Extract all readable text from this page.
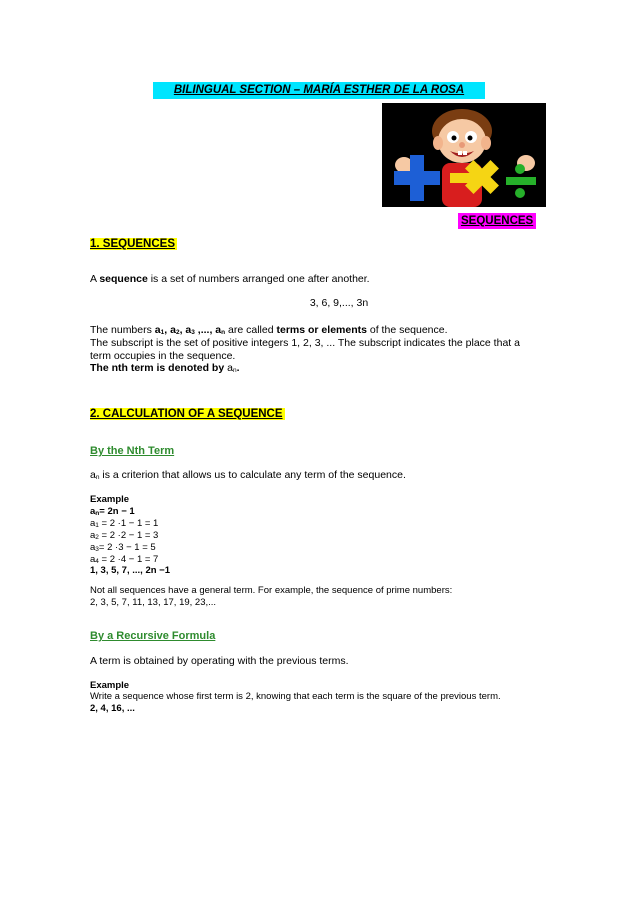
BILINGUAL SECTION – MARÍA ESTHER DE LA ROSA
SEQUENCES
1. SEQUENCES
A sequence is a set of numbers arranged one after another.
3, 6, 9,..., 3n
The numbers $a_1$, $a_2$, $a_3$ ,..., $a_n$ are called terms or elements of the sequence.
The subscript is the set of positive integers 1, 2, 3, ... The subscript indicates the place that a
term occupies in the sequence.
The nth term is denoted by $a_n$.
2. CALCULATION OF A SEQUENCE
By the Nth Term
$a_n$ is a criterion that allows us to calculate any term of the sequence.
Example
$a_n= 2n - 1$
$a_1 = 2 \cdot 1 - 1 = 1$
$a_2 = 2 \cdot 2 - 1 = 3$
$a_3= 2 \cdot 3 - 1 = 5$
$a_4 = 2 \cdot 4 - 1 = 7$
1, 3, 5, 7, ..., 2n −1
Not all sequences have a general term. For example, the sequence of prime numbers:
2, 3, 5, 7, 11, 13, 17, 19, 23,...
By a Recursive Formula
A term is obtained by operating with the previous terms.
Example
Write a sequence whose first term is 2, knowing that each term is the square of the previous term.
2, 4, 16, ...
